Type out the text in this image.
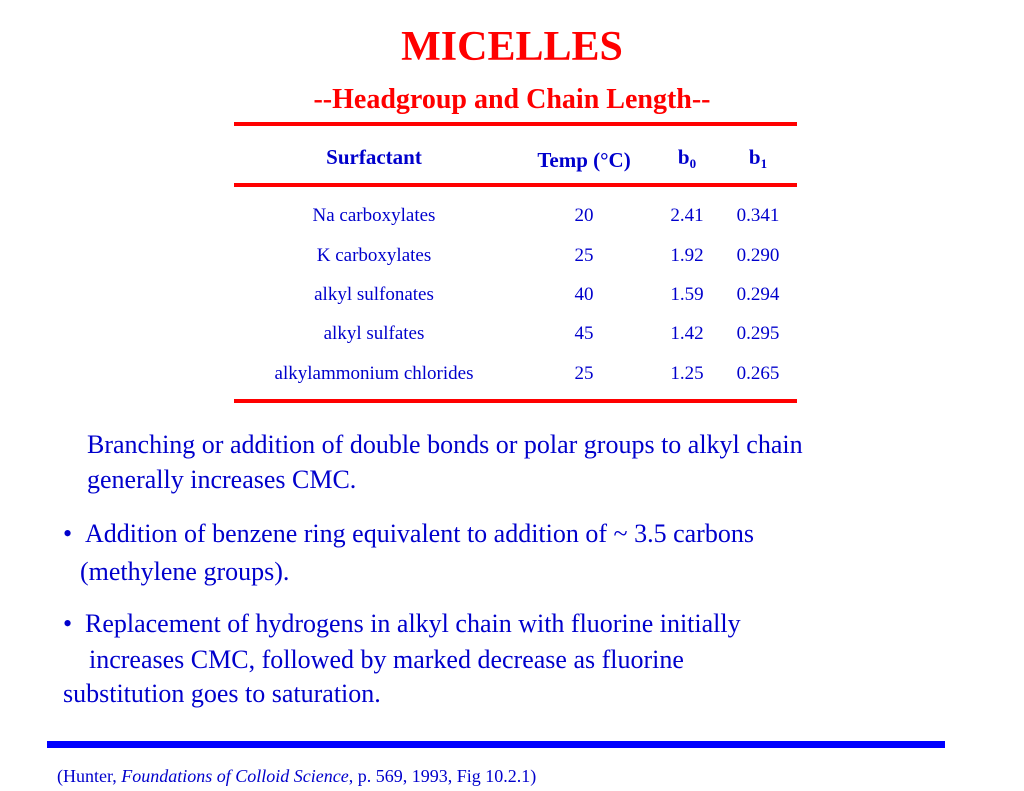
MICELLES
--Headgroup and Chain Length--
Surfactant	Temp (°C)	$b_0$	$b_1$
Na carboxylates	20	2.41	0.341
K carboxylates	25	1.92	0.290
alkyl sulfonates	40	1.59	0.294
alkyl sulfates	45	1.42	0.295
alkylammonium chlorides	25	1.25	0.265
Branching or addition of double bonds or polar groups to alkyl chain
generally increases CMC.
• Addition of benzene ring equivalent to addition of ~ 3.5 carbons
(methylene groups).
• Replacement of hydrogens in alkyl chain with fluorine initially
increases CMC, followed by marked decrease as fluorine
substitution goes to saturation.
(Hunter, Foundations of Colloid Science, p. 569, 1993, Fig 10.2.1)
